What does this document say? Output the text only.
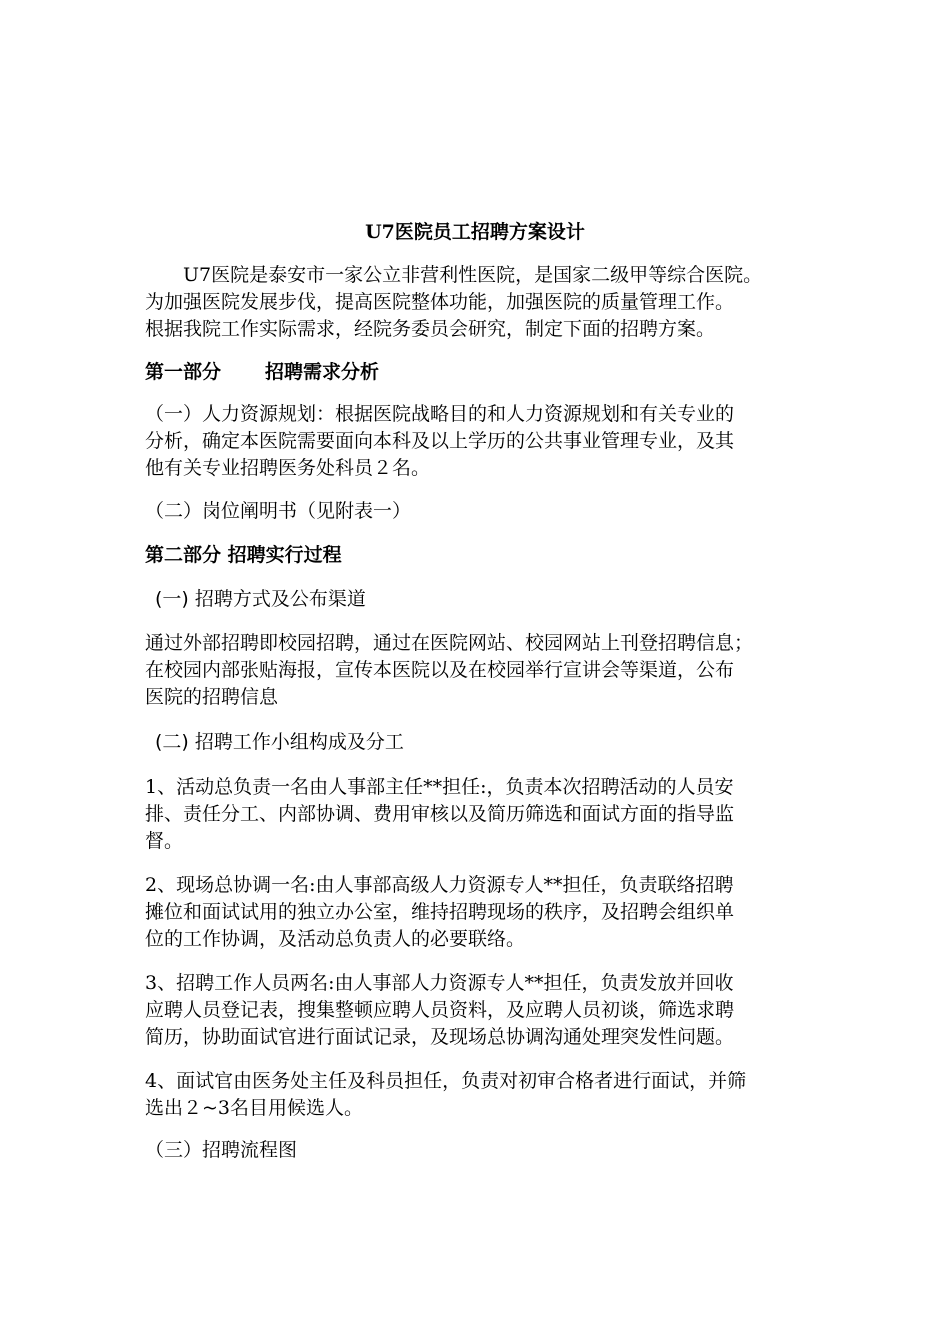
U7医院员工招聘方案设计

U7医院是泰安市一家公立非营利性医院，是国家二级甲等综合医院。
为加强医院发展步伐，提高医院整体功能，加强医院的质量管理工作。
根据我院工作实际需求，经院务委员会研究，制定下面的招聘方案。

第一部分 招聘需求分析

（一）人力资源规划：根据医院战略目的和人力资源规划和有关专业的
分析，确定本医院需要面向本科及以上学历的公共事业管理专业，及其
他有关专业招聘医务处科员２名。

（二）岗位阐明书（见附表一）

第二部分 招聘实行过程

(一) 招聘方式及公布渠道

通过外部招聘即校园招聘，通过在医院网站、校园网站上刊登招聘信息；
在校园内部张贴海报，宣传本医院以及在校园举行宣讲会等渠道，公布
医院的招聘信息

(二) 招聘工作小组构成及分工

1、活动总负责一名由人事部主任**担任:，负责本次招聘活动的人员安
排、责任分工、内部协调、费用审核以及简历筛选和面试方面的指导监
督。

2、现场总协调一名:由人事部高级人力资源专人**担任，负责联络招聘
摊位和面试试用的独立办公室，维持招聘现场的秩序，及招聘会组织单
位的工作协调，及活动总负责人的必要联络。

3、招聘工作人员两名:由人事部人力资源专人**担任，负责发放并回收
应聘人员登记表，搜集整顿应聘人员资料，及应聘人员初谈，筛选求聘
简历，协助面试官进行面试记录，及现场总协调沟通处理突发性问题。

4、面试官由医务处主任及科员担任，负责对初审合格者进行面试，并筛
选出２~3名目用候选人。

（三）招聘流程图
